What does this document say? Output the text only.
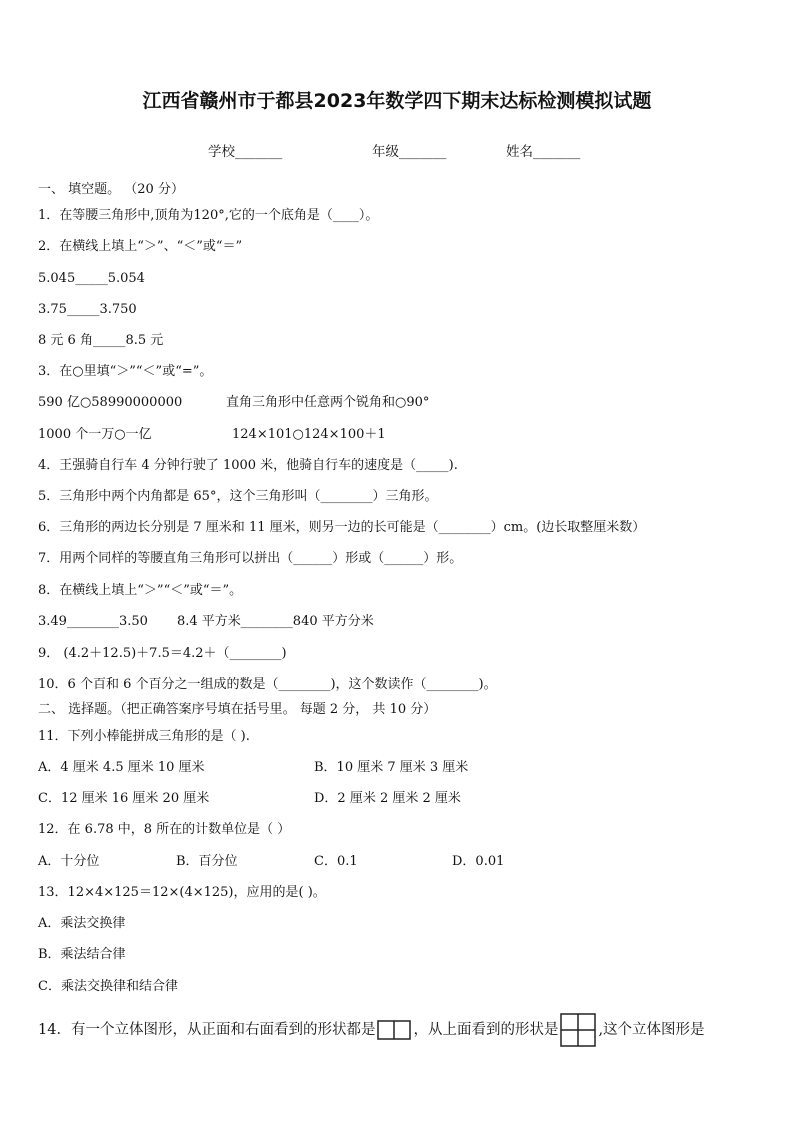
江西省赣州市于都县2023年数学四下期末达标检测模拟试题
学校_______	年级_______	姓名_______
一、 填空题。 （20 分）
1．在等腰三角形中,顶角为120°,它的一个底角是（____）。
2．在横线上填上“＞”、“＜”或“＝”
5.045_____5.054
3.75_____3.750
8 元 6 角_____8.5 元
3．在○里填“＞”“＜”或“=”。
590 亿○58990000000	直角三角形中任意两个锐角和○90°
1000 个一万○一亿	124×101○124×100＋1
4．王强骑自行车 4 分钟行驶了 1000 米，他骑自行车的速度是（_____).
5．三角形中两个内角都是 65°，这个三角形叫（________）三角形。
6．三角形的两边长分别是 7 厘米和 11 厘米，则另一边的长可能是（________）cm。(边长取整厘米数）
7．用两个同样的等腰直角三角形可以拼出（______）形或（______）形。
8．在横线上填上“＞”“＜”或“＝”。
3.49________3.50 8.4 平方米________840 平方分米
9． (4.2＋12.5)＋7.5＝4.2＋（________)
10．6 个百和 6 个百分之一组成的数是（________)，这个数读作（________)。
二、 选择题。（把正确答案序号填在括号里。 每题 2 分， 共 10 分）
11．下列小棒能拼成三角形的是（ ).
A．4 厘米 4.5 厘米 10 厘米	B．10 厘米 7 厘米 3 厘米
C．12 厘米 16 厘米 20 厘米	D．2 厘米 2 厘米 2 厘米
12．在 6.78 中，8 所在的计数单位是（ ）
A．十分位	B．百分位	C．0.1	D．0.01
13．12×4×125＝12×(4×125)，应用的是( )。
A．乘法交换律
B．乘法结合律
C．乘法交换律和结合律
14．有一个立体图形，从正面和右面看到的形状都是	，从上面看到的形状是	,这个立体图形是
